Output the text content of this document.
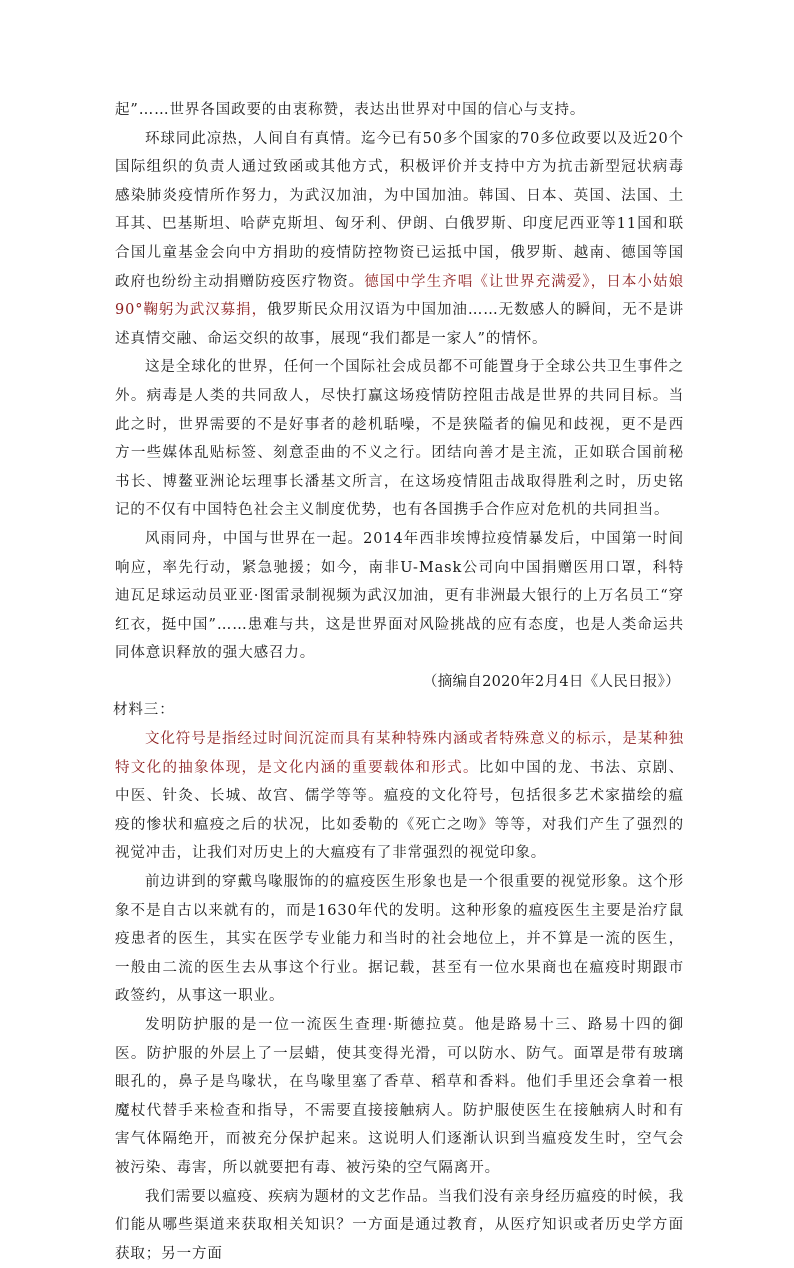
起”……世界各国政要的由衷称赞，表达出世界对中国的信心与支持。

环球同此凉热，人间自有真情。迄今已有50多个国家的70多位政要以及近20个国际组织的负责人通过致函或其他方式，积极评价并支持中方为抗击新型冠状病毒感染肺炎疫情所作努力，为武汉加油，为中国加油。韩国、日本、英国、法国、土耳其、巴基斯坦、哈萨克斯坦、匈牙利、伊朗、白俄罗斯、印度尼西亚等11国和联合国儿童基金会向中方捐助的疫情防控物资已运抵中国，俄罗斯、越南、德国等国政府也纷纷主动捐赠防疫医疗物资。德国中学生齐唱《让世界充满爱》，日本小姑娘90°鞠躬为武汉募捐，俄罗斯民众用汉语为中国加油……无数感人的瞬间，无不是讲述真情交融、命运交织的故事，展现“我们都是一家人”的情怀。

这是全球化的世界，任何一个国际社会成员都不可能置身于全球公共卫生事件之外。病毒是人类的共同敌人，尽快打赢这场疫情防控阻击战是世界的共同目标。当此之时，世界需要的不是好事者的趁机聒噪，不是狭隘者的偏见和歧视，更不是西方一些媒体乱贴标签、刻意歪曲的不义之行。团结向善才是主流，正如联合国前秘书长、博鳌亚洲论坛理事长潘基文所言，在这场疫情阻击战取得胜利之时，历史铭记的不仅有中国特色社会主义制度优势，也有各国携手合作应对危机的共同担当。

风雨同舟，中国与世界在一起。2014年西非埃博拉疫情暴发后，中国第一时间响应，率先行动，紧急驰援；如今，南非U-Mask公司向中国捐赠医用口罩，科特迪瓦足球运动员亚亚·图雷录制视频为武汉加油，更有非洲最大银行的上万名员工“穿红衣，挺中国”……患难与共，这是世界面对风险挑战的应有态度，也是人类命运共同体意识释放的强大感召力。

（摘编自2020年2月4日《人民日报》）

材料三：

文化符号是指经过时间沉淀而具有某种特殊内涵或者特殊意义的标示，是某种独特文化的抽象体现，是文化内涵的重要载体和形式。比如中国的龙、书法、京剧、中医、针灸、长城、故宫、儒学等等。瘟疫的文化符号，包括很多艺术家描绘的瘟疫的惨状和瘟疫之后的状况，比如委勒的《死亡之吻》等等，对我们产生了强烈的视觉冲击，让我们对历史上的大瘟疫有了非常强烈的视觉印象。

前边讲到的穿戴鸟喙服饰的的瘟疫医生形象也是一个很重要的视觉形象。这个形象不是自古以来就有的，而是1630年代的发明。这种形象的瘟疫医生主要是治疗鼠疫患者的医生，其实在医学专业能力和当时的社会地位上，并不算是一流的医生，一般由二流的医生去从事这个行业。据记载，甚至有一位水果商也在瘟疫时期跟市政签约，从事这一职业。

发明防护服的是一位一流医生查理·斯德拉莫。他是路易十三、路易十四的御医。防护服的外层上了一层蜡，使其变得光滑，可以防水、防气。面罩是带有玻璃眼孔的，鼻子是鸟喙状，在鸟喙里塞了香草、稻草和香料。他们手里还会拿着一根魔杖代替手来检查和指导，不需要直接接触病人。防护服使医生在接触病人时和有害气体隔绝开，而被充分保护起来。这说明人们逐渐认识到当瘟疫发生时，空气会被污染、毒害，所以就要把有毒、被污染的空气隔离开。

我们需要以瘟疫、疾病为题材的文艺作品。当我们没有亲身经历瘟疫的时候，我们能从哪些渠道来获取相关知识？一方面是通过教育，从医疗知识或者历史学方面获取；另一方面
